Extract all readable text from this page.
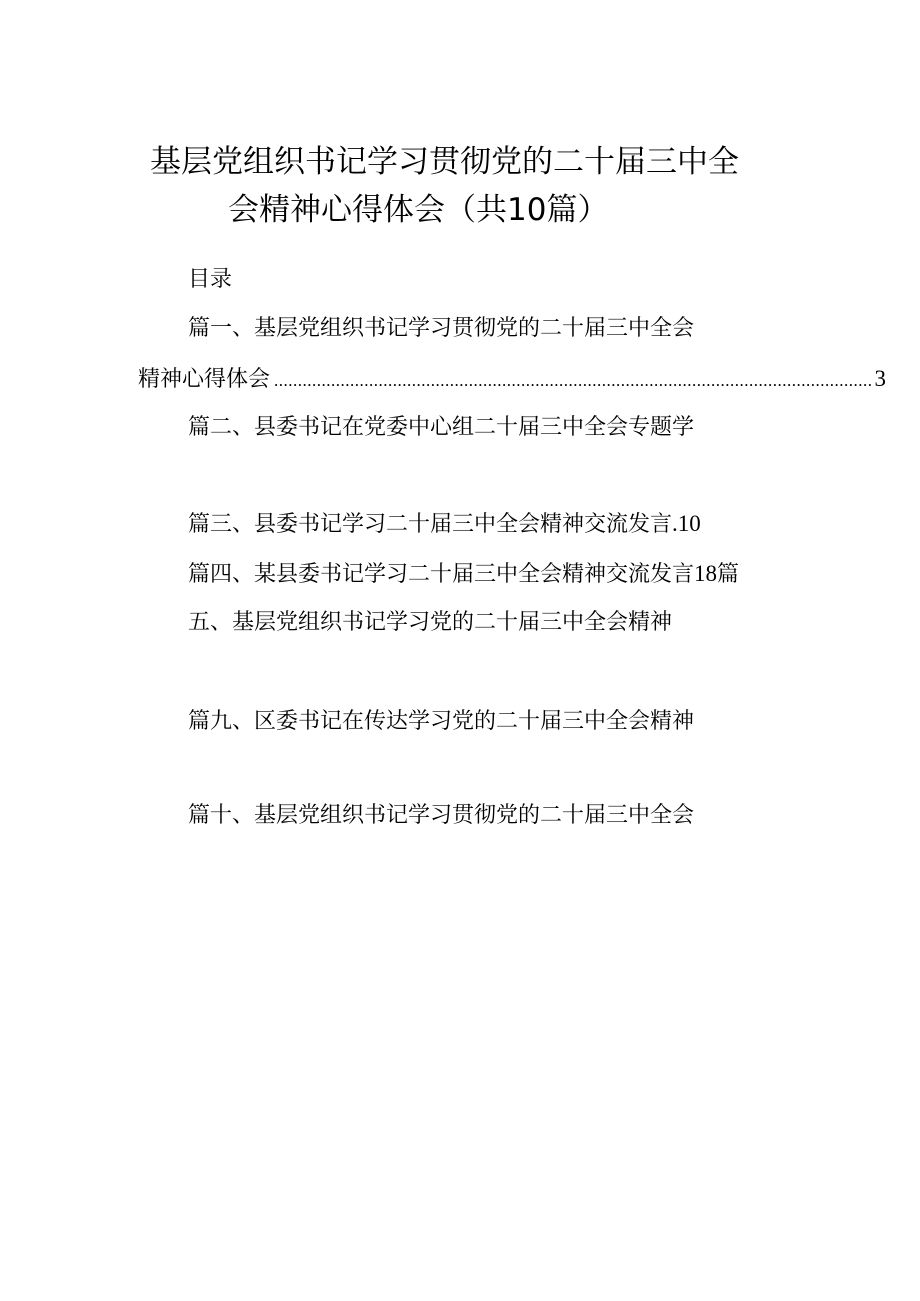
基层党组织书记学习贯彻党的二十届三中全
会精神心得体会（共10篇）
目录
篇一、基层党组织书记学习贯彻党的二十届三中全会
精神心得体会 .............................................................................................................................. 3
篇二、县委书记在党委中心组二十届三中全会专题学
篇三、县委书记学习二十届三中全会精神交流发言.10
篇四、某县委书记学习二十届三中全会精神交流发言18篇
五、基层党组织书记学习党的二十届三中全会精神
篇九、区委书记在传达学习党的二十届三中全会精神
篇十、基层党组织书记学习贯彻党的二十届三中全会
